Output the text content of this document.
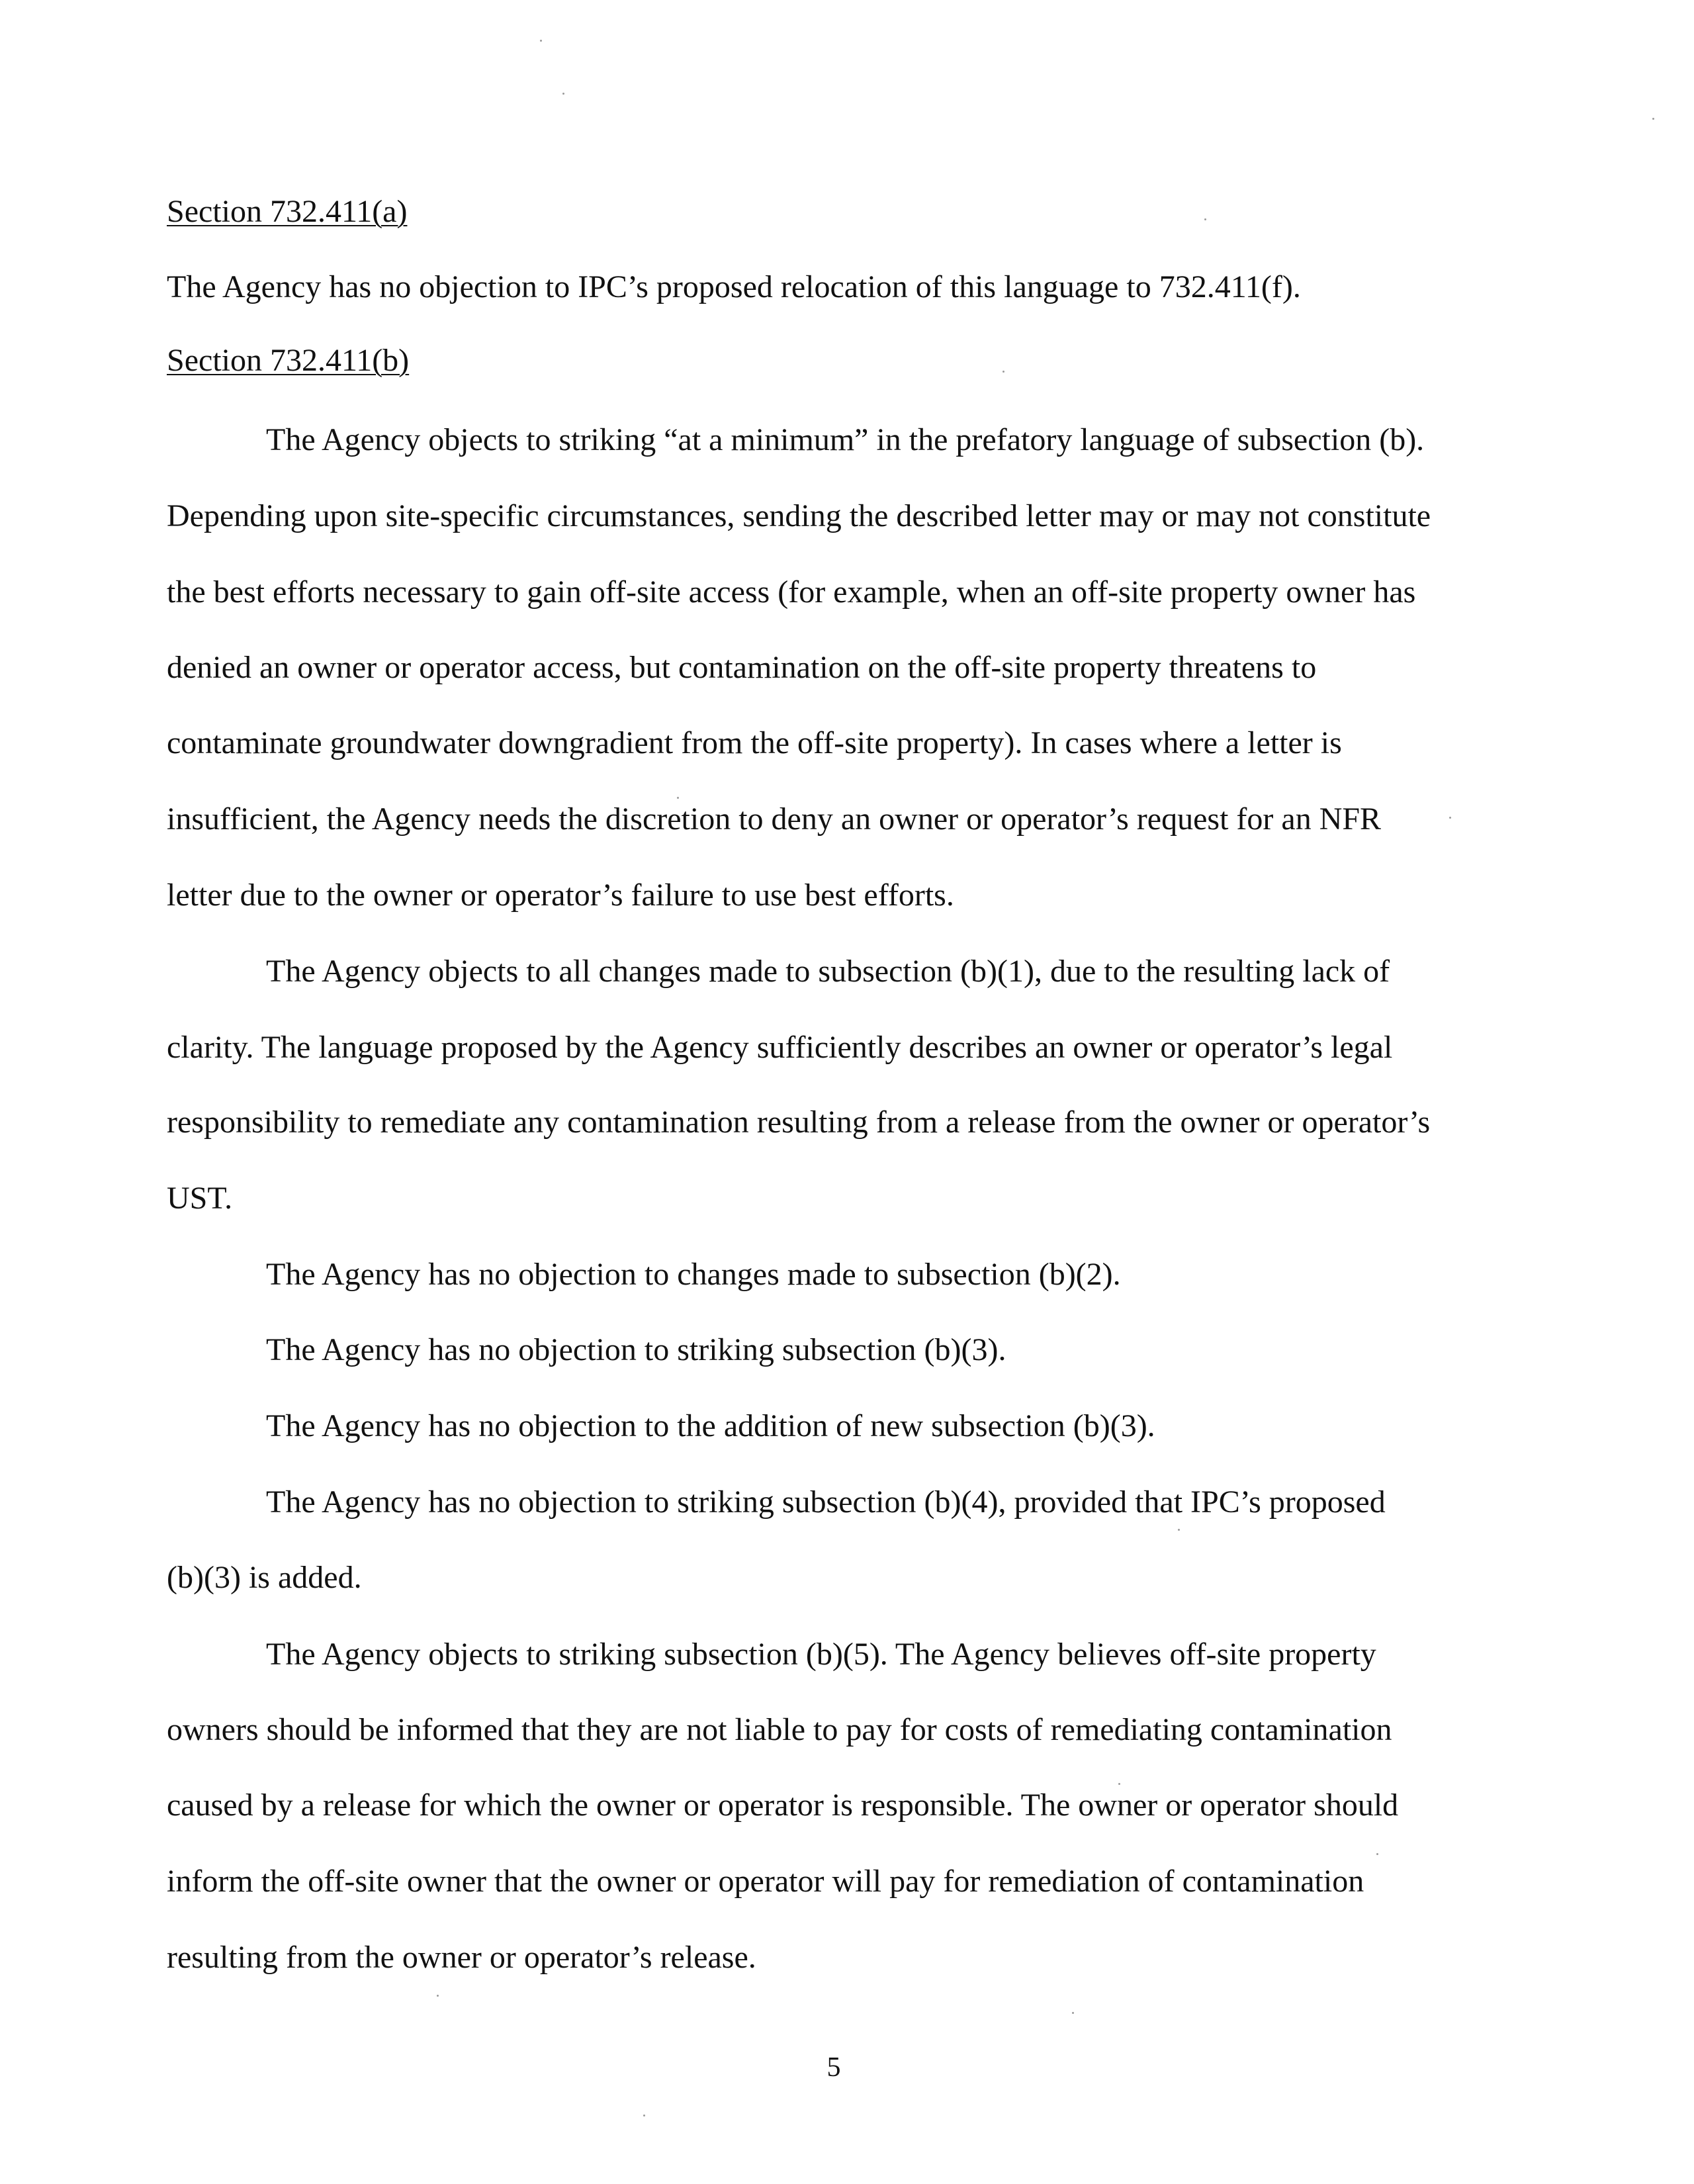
Section 732.411(a)
The Agency has no objection to IPC’s proposed relocation of this language to 732.411(f).
Section 732.411(b)
The Agency objects to striking “at a minimum” in the prefatory language of subsection (b).
Depending upon site-specific circumstances, sending the described letter may or may not constitute
the best efforts necessary to gain off-site access (for example, when an off-site property owner has
denied an owner or operator access, but contamination on the off-site property threatens to
contaminate groundwater downgradient from the off-site property). In cases where a letter is
insufficient, the Agency needs the discretion to deny an owner or operator’s request for an NFR
letter due to the owner or operator’s failure to use best efforts.
The Agency objects to all changes made to subsection (b)(1), due to the resulting lack of
clarity. The language proposed by the Agency sufficiently describes an owner or operator’s legal
responsibility to remediate any contamination resulting from a release from the owner or operator’s
UST.
The Agency has no objection to changes made to subsection (b)(2).
The Agency has no objection to striking subsection (b)(3).
The Agency has no objection to the addition of new subsection (b)(3).
The Agency has no objection to striking subsection (b)(4), provided that IPC’s proposed
(b)(3) is added.
The Agency objects to striking subsection (b)(5). The Agency believes off-site property
owners should be informed that they are not liable to pay for costs of remediating contamination
caused by a release for which the owner or operator is responsible. The owner or operator should
inform the off-site owner that the owner or operator will pay for remediation of contamination
resulting from the owner or operator’s release.
5
